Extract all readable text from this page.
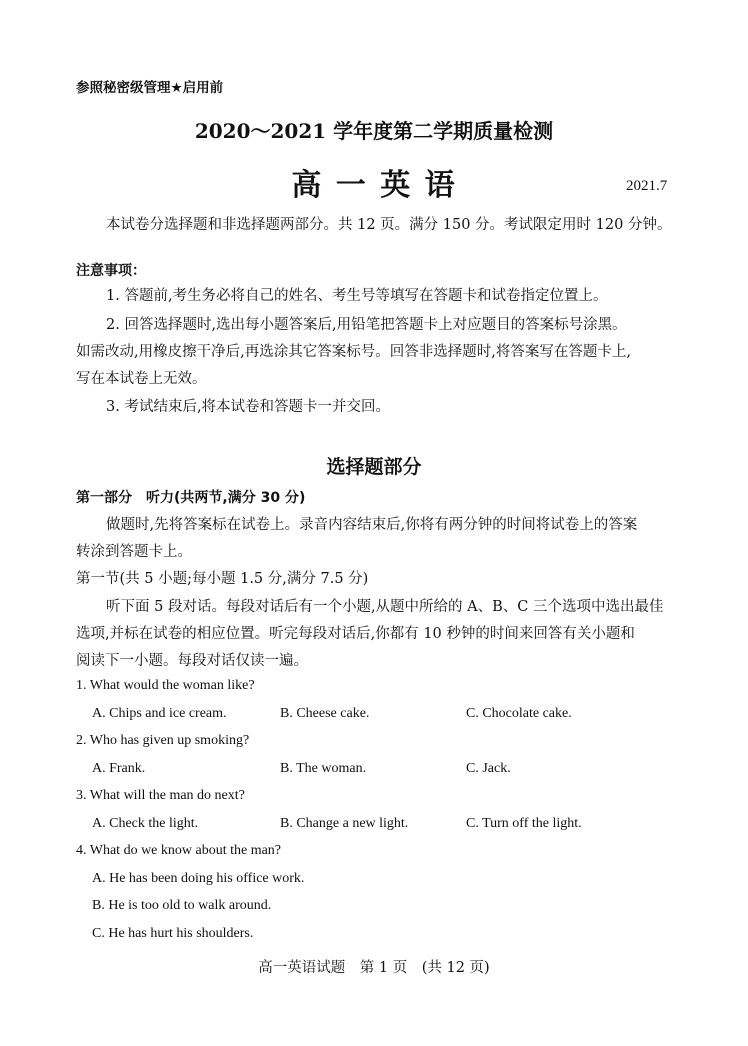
参照秘密级管理★启用前
2020～2021 学年度第二学期质量检测
高 一 英 语	2021.7
本试卷分选择题和非选择题两部分。共 12 页。满分 150 分。考试限定用时 120 分钟。
注意事项：
1. 答题前,考生务必将自己的姓名、考生号等填写在答题卡和试卷指定位置上。
2. 回答选择题时,选出每小题答案后,用铅笔把答题卡上对应题目的答案标号涂黑。
如需改动,用橡皮擦干净后,再选涂其它答案标号。回答非选择题时,将答案写在答题卡上,
写在本试卷上无效。
3. 考试结束后,将本试卷和答题卡一并交回。
选择题部分
第一部分　听力(共两节,满分 30 分)
做题时,先将答案标在试卷上。录音内容结束后,你将有两分钟的时间将试卷上的答案
转涂到答题卡上。
第一节(共 5 小题;每小题 1.5 分,满分 7.5 分)
听下面 5 段对话。每段对话后有一个小题,从题中所给的 A、B、C 三个选项中选出最佳
选项,并标在试卷的相应位置。听完每段对话后,你都有 10 秒钟的时间来回答有关小题和
阅读下一小题。每段对话仅读一遍。
1. What would the woman like?
A. Chips and ice cream.	B. Cheese cake.	C. Chocolate cake.
2. Who has given up smoking?
A. Frank.	B. The woman.	C. Jack.
3. What will the man do next?
A. Check the light.	B. Change a new light.	C. Turn off the light.
4. What do we know about the man?
A. He has been doing his office work.
B. He is too old to walk around.
C. He has hurt his shoulders.
高一英语试题　第 1 页　(共 12 页)
